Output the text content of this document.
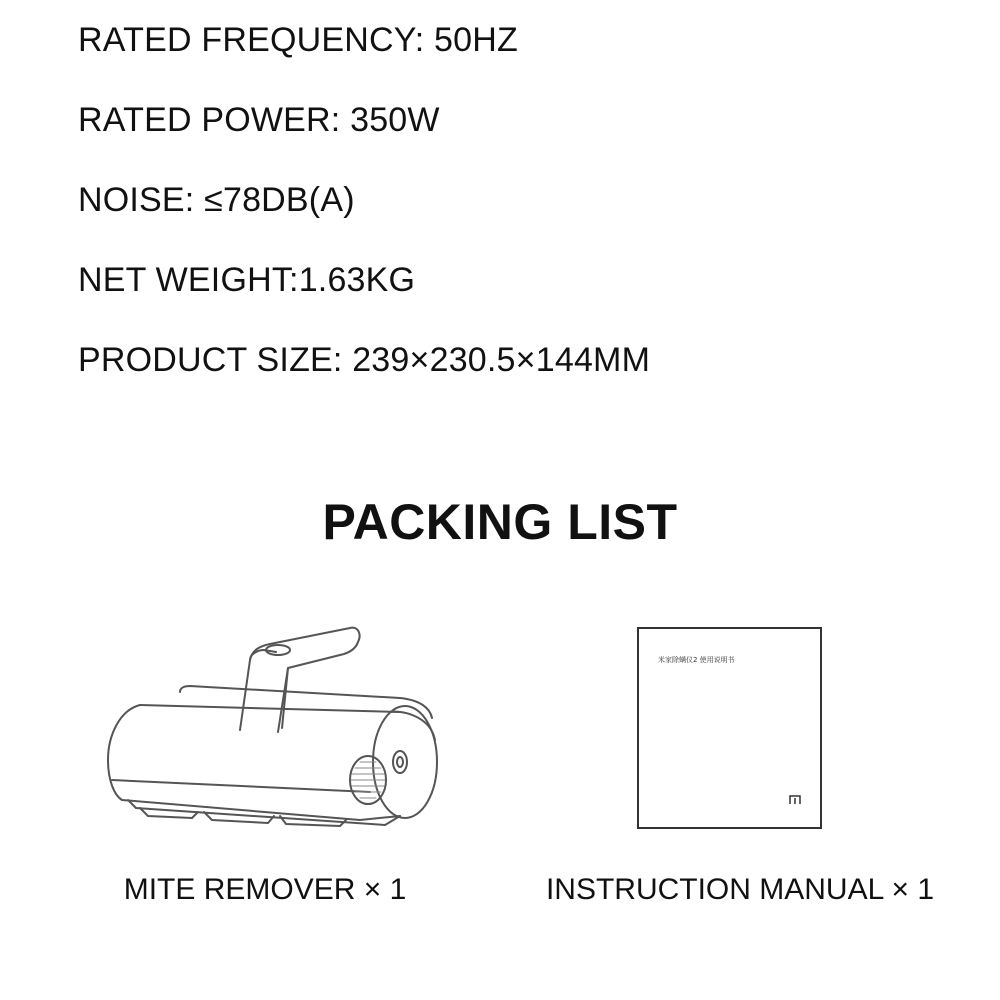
RATED FREQUENCY: 50HZ
RATED POWER: 350W
NOISE: ≤78DB(A)
NET WEIGHT:1.63KG
PRODUCT SIZE: 239×230.5×144MM
PACKING LIST
米家除螨仪2 使用说明书
MITE REMOVER × 1	INSTRUCTION MANUAL × 1
